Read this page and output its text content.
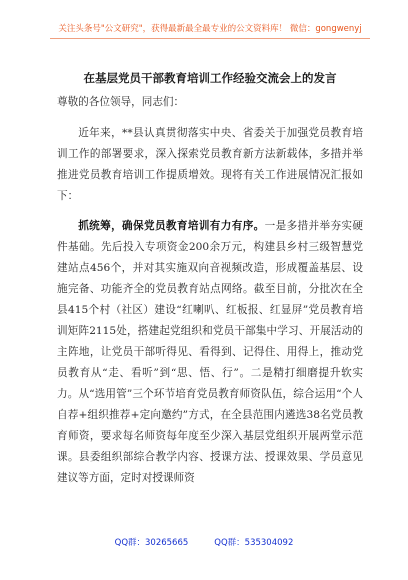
关注头条号"公文研究"，获得最新最全最专业的公文资料库！ 微信：gongwenyj
在基层党员干部教育培训工作经验交流会上的发言

尊敬的各位领导，同志们：

近年来，**县认真贯彻落实中央、省委关于加强党员教育培训工作的部署要求，深入探索党员教育新方法新载体，多措并举推进党员教育培训工作提质增效。现将有关工作进展情况汇报如下：

抓统筹，确保党员教育培训有力有序。一是多措并举夯实硬件基础。先后投入专项资金200余万元，构建县乡村三级智慧党建站点456个，并对其实施双向音视频改造，形成覆盖基层、设施完备、功能齐全的党员教育站点网络。截至目前，分批次在全县415个村（社区）建设“红喇叭、红板报、红显屏”党员教育培训矩阵2115处，搭建起党组织和党员干部集中学习、开展活动的主阵地，让党员干部听得见、看得到、记得住、用得上，推动党员教育从“走、看听”到“思、悟、行”。二是精打细磨提升软实力。从“选用管”三个环节培育党员教育师资队伍，综合运用“个人自荐+组织推荐+定向邀约”方式，在全县范围内遴选38名党员教育师资，要求每名师资每年度至少深入基层党组织开展两堂示范课。县委组织部综合教学内容、授课方法、授课效果、学员意见建议等方面，定时对授课师资

QQ群：30265665	QQ群：535304092
